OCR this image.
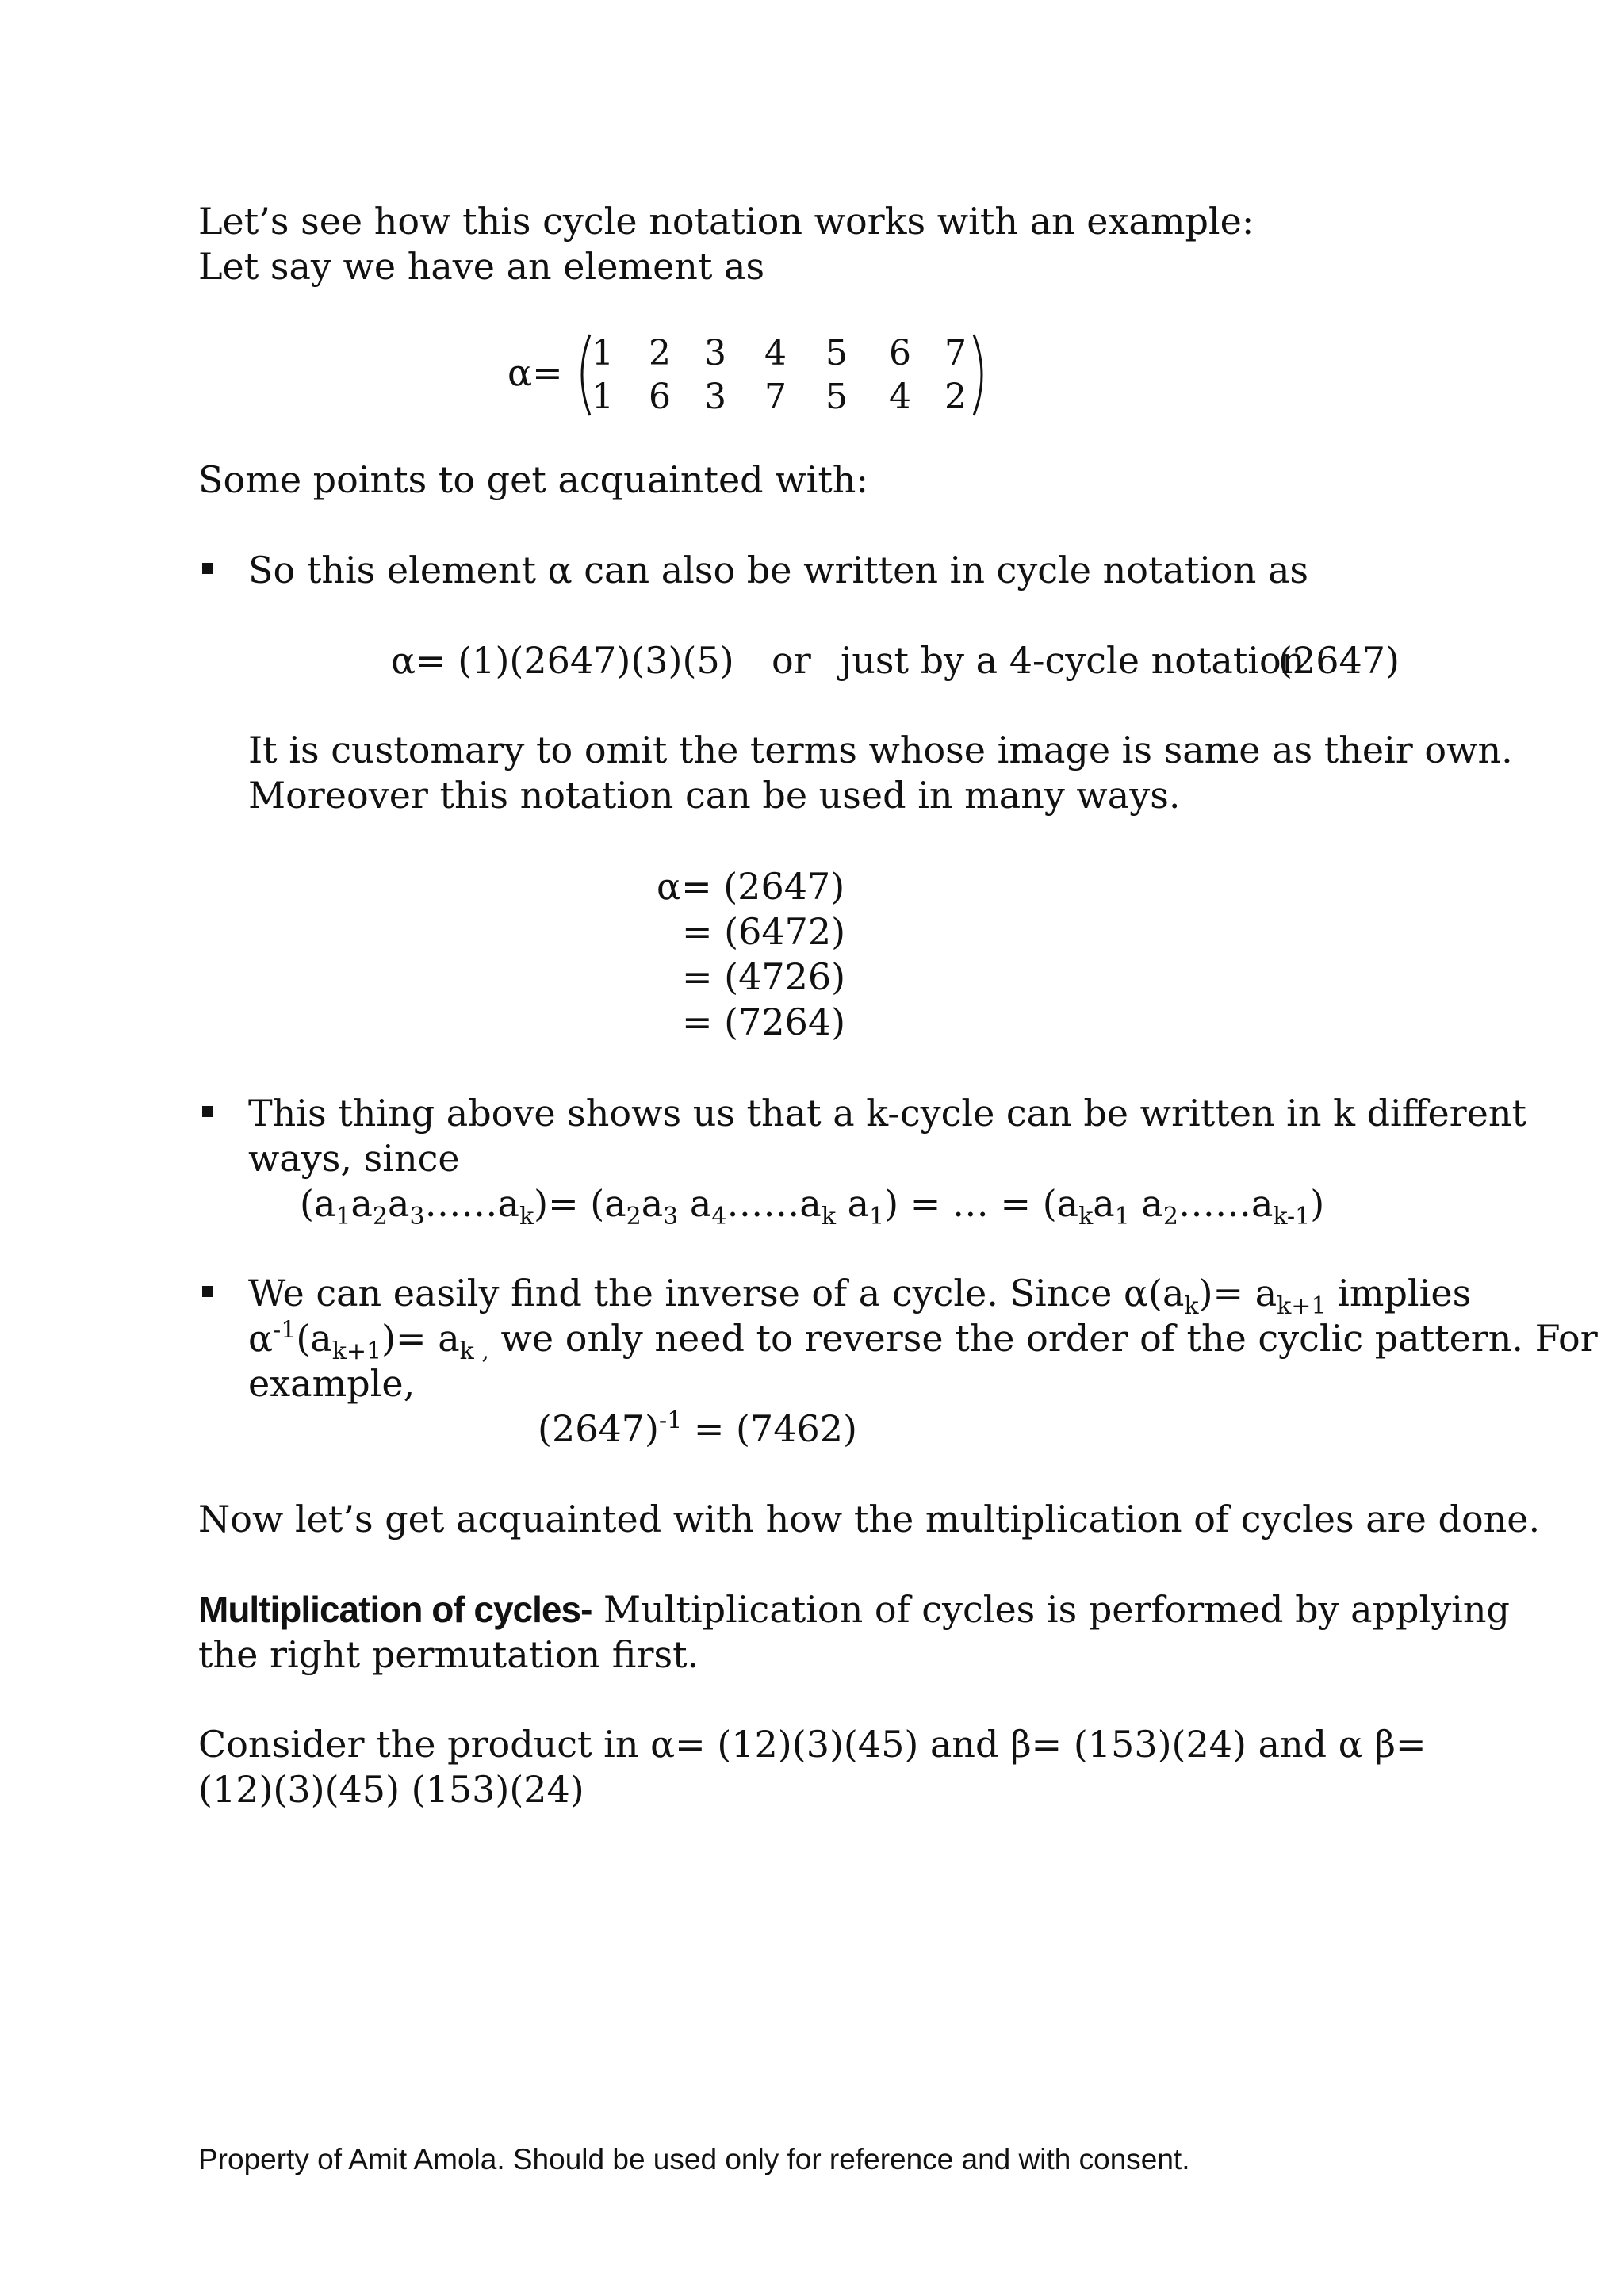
Let’s see how this cycle notation works with an example:
Let say we have an element as
α= 1 2 3 4 5 6 7
1 6 3 7 5 4 2
Some points to get acquainted with:
So this element α can also be written in cycle notation as
α= (1)(2647)(3)(5) or just by a 4-cycle notation
(2647)
It is customary to omit the terms whose image is same as their own.
Moreover this notation can be used in many ways.
α= (2647)
= (6472)
= (4726)
= (7264)
This thing above shows us that a k-cycle can be written in k different
ways, since
$(a_1a_2a_3\dots\dots a_k)= (a_2a_3$ $a_4\dots\dots a_k$ $a_1$) = … = ($a_ka_1$ $a_2\dots\dots a_{k-1}$)
We can easily find the inverse of a cycle. Since $\alpha(a_k)= a_{k+1}$ implies
$\alpha^{-1}(a_{k+1})= a_{k ,}$ we only need to reverse the order of the cyclic pattern. For
example,
$(2647)^{-1} = (7462)$
Now let’s get acquainted with how the multiplication of cycles are done.
Multiplication of cycles- Multiplication of cycles is performed by applying
the right permutation first.
Consider the product in α= (12)(3)(45) and β= (153)(24) and α β=
(12)(3)(45) (153)(24)
Property of Amit Amola. Should be used only for reference and with consent.
